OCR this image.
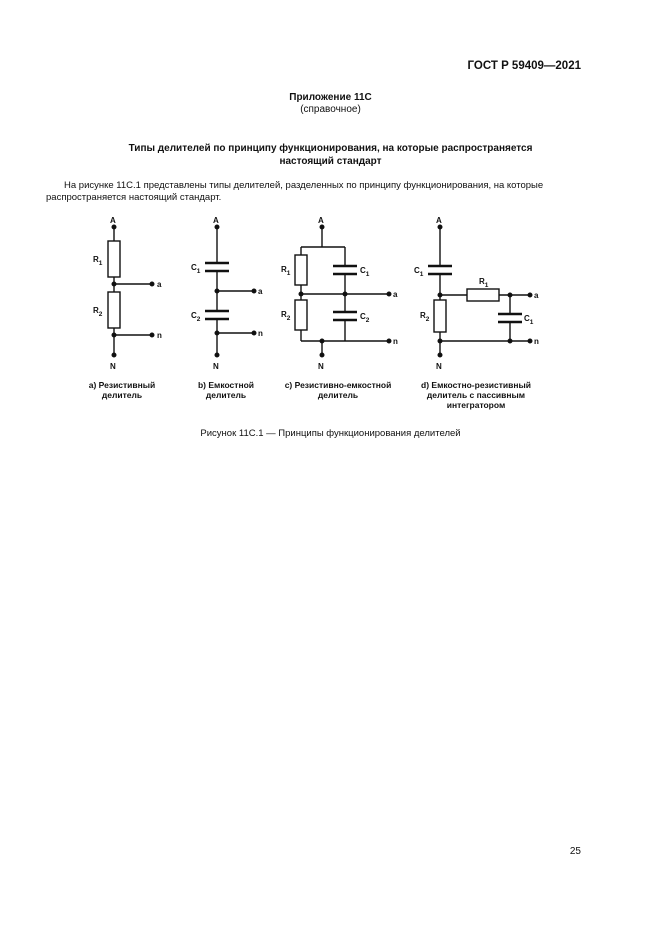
ГОСТ Р 59409—2021
Приложение 11С
(справочное)
Типы делителей по принципу функционирования, на которые распространяется
настоящий стандарт
На рисунке 11С.1 представлены типы делителей, разделенных по принципу функционирования, на которые
распространяется настоящий стандарт.
A
$R_1$
$R_2$
a
n
N
a) Резистивный
делитель
A
$C_1$
$C_2$
a
n
N
b) Емкостной
делитель
A
$R_1$
$R_2$
$C_1$
$C_2$
a
n
N
c) Резистивно-емкостной
делитель
A
$C_1$
$R_2$
$R_1$
$C_1$
a
n
N
d) Емкостно-резистивный
делитель с пассивным
интегратором
Рисунок 11С.1 — Принципы функционирования делителей
25
